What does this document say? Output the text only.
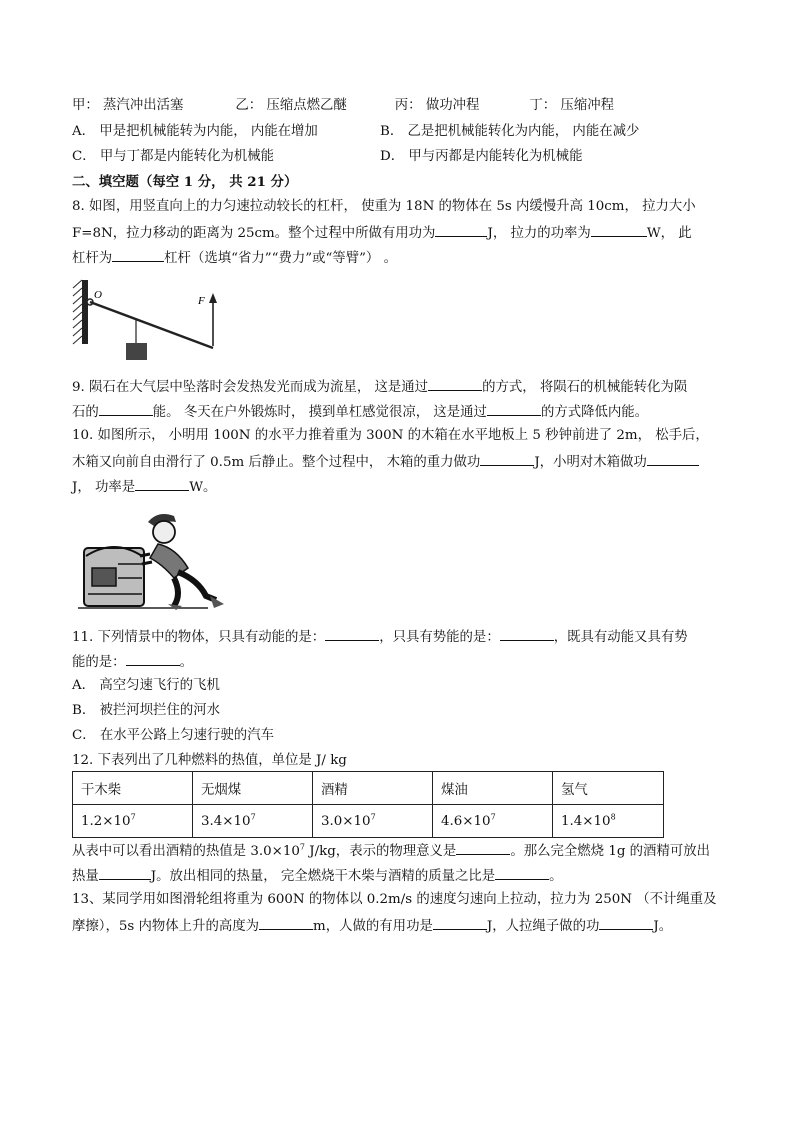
甲： 蒸汽冲出活塞	乙： 压缩点燃乙醚	丙： 做功冲程	丁： 压缩冲程
A． 甲是把机械能转为内能， 内能在增加	B． 乙是把机械能转化为内能， 内能在减少
C． 甲与丁都是内能转化为机械能	D． 甲与丙都是内能转化为机械能
二、填空题（每空 1 分， 共 21 分）
8. 如图，用竖直向上的力匀速拉动较长的杠杆， 使重为 18N 的物体在 5s 内缓慢升高 10cm， 拉力大小
F=8N，拉力移动的距离为 25cm。整个过程中所做有用功为	J， 拉力的功率为	W， 此
杠杆为	杠杆（选填“省力”“费力”或“等臂”） 。
O	F
9. 陨石在大气层中坠落时会发热发光而成为流星， 这是通过	的方式， 将陨石的机械能转化为陨
石的	能。 冬天在户外锻炼时， 摸到单杠感觉很凉， 这是通过	的方式降低内能。
10. 如图所示， 小明用 100N 的水平力推着重为 300N 的木箱在水平地板上 5 秒钟前进了 2m， 松手后，
木箱又向前自由滑行了 0.5m 后静止。整个过程中， 木箱的重力做功	J，小明对木箱做功
J， 功率是	W。
11. 下列情景中的物体，只具有动能的是：	，只具有势能的是：	，既具有动能又具有势
能的是：	。
A． 高空匀速飞行的飞机
B． 被拦河坝拦住的河水
C． 在水平公路上匀速行驶的汽车
12. 下表列出了几种燃料的热值，单位是 J/ kg
干木柴	无烟煤	酒精	煤油	氢气
$1.2\times 10^7$	$3.4\times 10^7$	$3.0\times 10^7$	$4.6\times 10^7$	$1.4\times 10^8$
从表中可以看出酒精的热值是 $3.0\times 10^7$ J/kg，表示的物理意义是	。那么完全燃烧 1g 的酒精可放出
热量	J。放出相同的热量， 完全燃烧干木柴与酒精的质量之比是	。
13、某同学用如图滑轮组将重为 600N 的物体以 0.2m/s 的速度匀速向上拉动，拉力为 250N （不计绳重及
摩擦），5s 内物体上升的高度为	m，人做的有用功是	J，人拉绳子做的功	J。
